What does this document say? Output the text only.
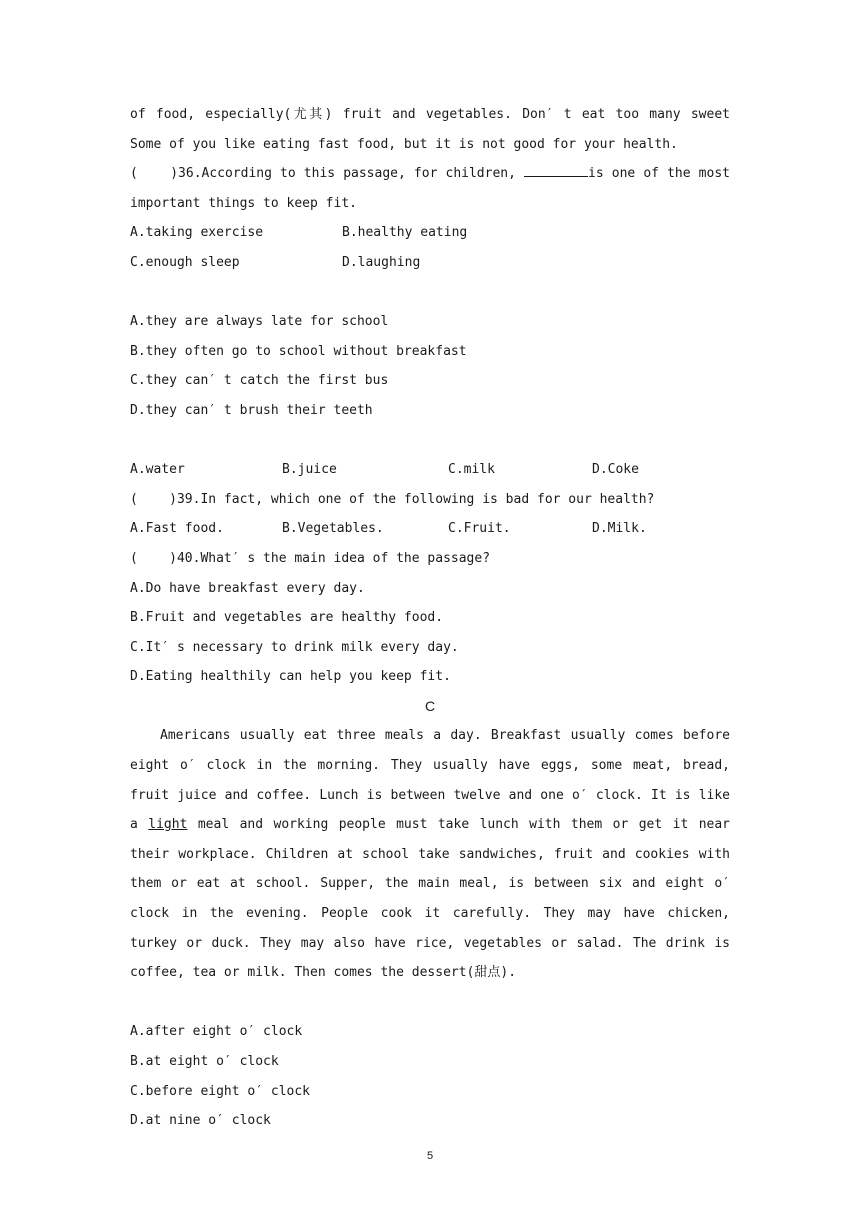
of food, especially(尤其) fruit and vegetables. Don′ t eat too many sweet
Some of you like eating fast food, but it is not good for your health.
(    )36.According to this passage, for children,	is one of the most
important things to keep fit.
A.taking exercise	B.healthy eating
C.enough sleep	D.laughing

A.they are always late for school
B.they often go to school without breakfast
C.they can′ t catch the first bus
D.they can′ t brush their teeth

A.water	B.juice	C.milk	D.Coke
(    )39.In fact, which one of the following is bad for our health?
A.Fast food.	B.Vegetables.	C.Fruit.	D.Milk.
(    )40.What′ s the main idea of the passage?
A.Do have breakfast every day.
B.Fruit and vegetables are healthy food.
C.It′ s necessary to drink milk every day.
D.Eating healthily can help you keep fit.
C

Americans usually eat three meals a day. Breakfast usually comes before eight o′ clock in the morning. They usually have eggs, some meat, bread, fruit juice and coffee. Lunch is between twelve and one o′ clock. It is like a light meal and working people must take lunch with them or get it near their workplace. Children at school take sandwiches, fruit and cookies with them or eat at school. Supper, the main meal, is between six and eight o′ clock in the evening. People cook it carefully. They may have chicken, turkey or duck. They may also have rice, vegetables or salad. The drink is coffee, tea or milk. Then comes the dessert(甜点).

A.after eight o′ clock
B.at eight o′ clock
C.before eight o′ clock
D.at nine o′ clock
5
